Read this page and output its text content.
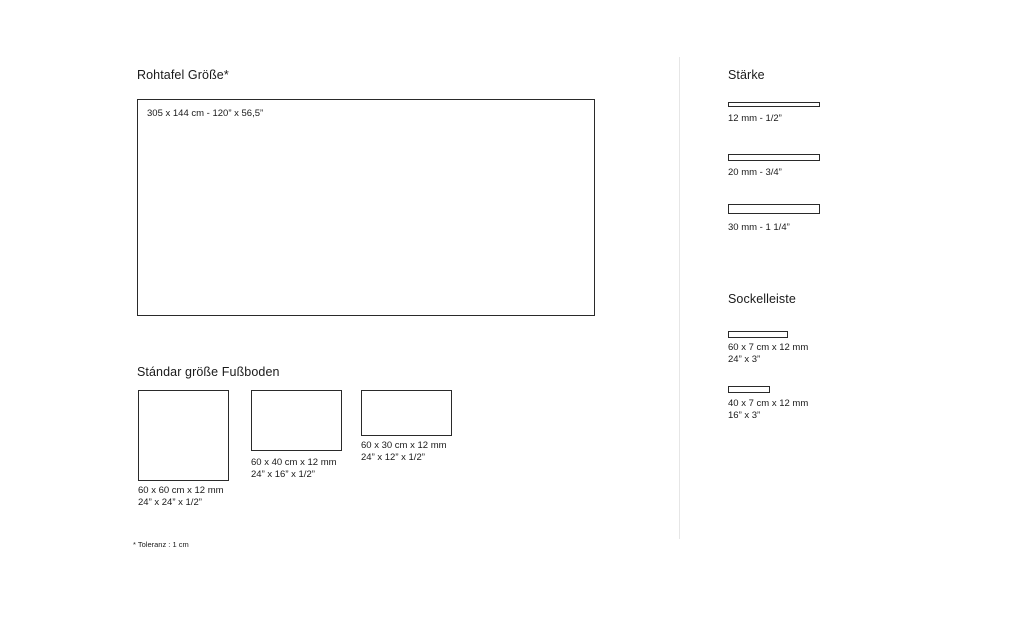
Rohtafel Größe*
305 x 144 cm - 120” x 56,5”
Stándar größe Fußboden
60 x 60 cm x 12 mm
24” x 24” x 1/2”
60 x 40 cm x 12 mm
24” x 16” x 1/2”
60 x 30 cm x 12 mm
24” x 12” x 1/2”
* Toleranz : 1 cm
Stärke
12 mm - 1/2”
20 mm - 3/4”
30 mm - 1 1/4”
Sockelleiste
60 x 7 cm x 12 mm
24” x 3”
40 x 7 cm x 12 mm
16” x 3”
